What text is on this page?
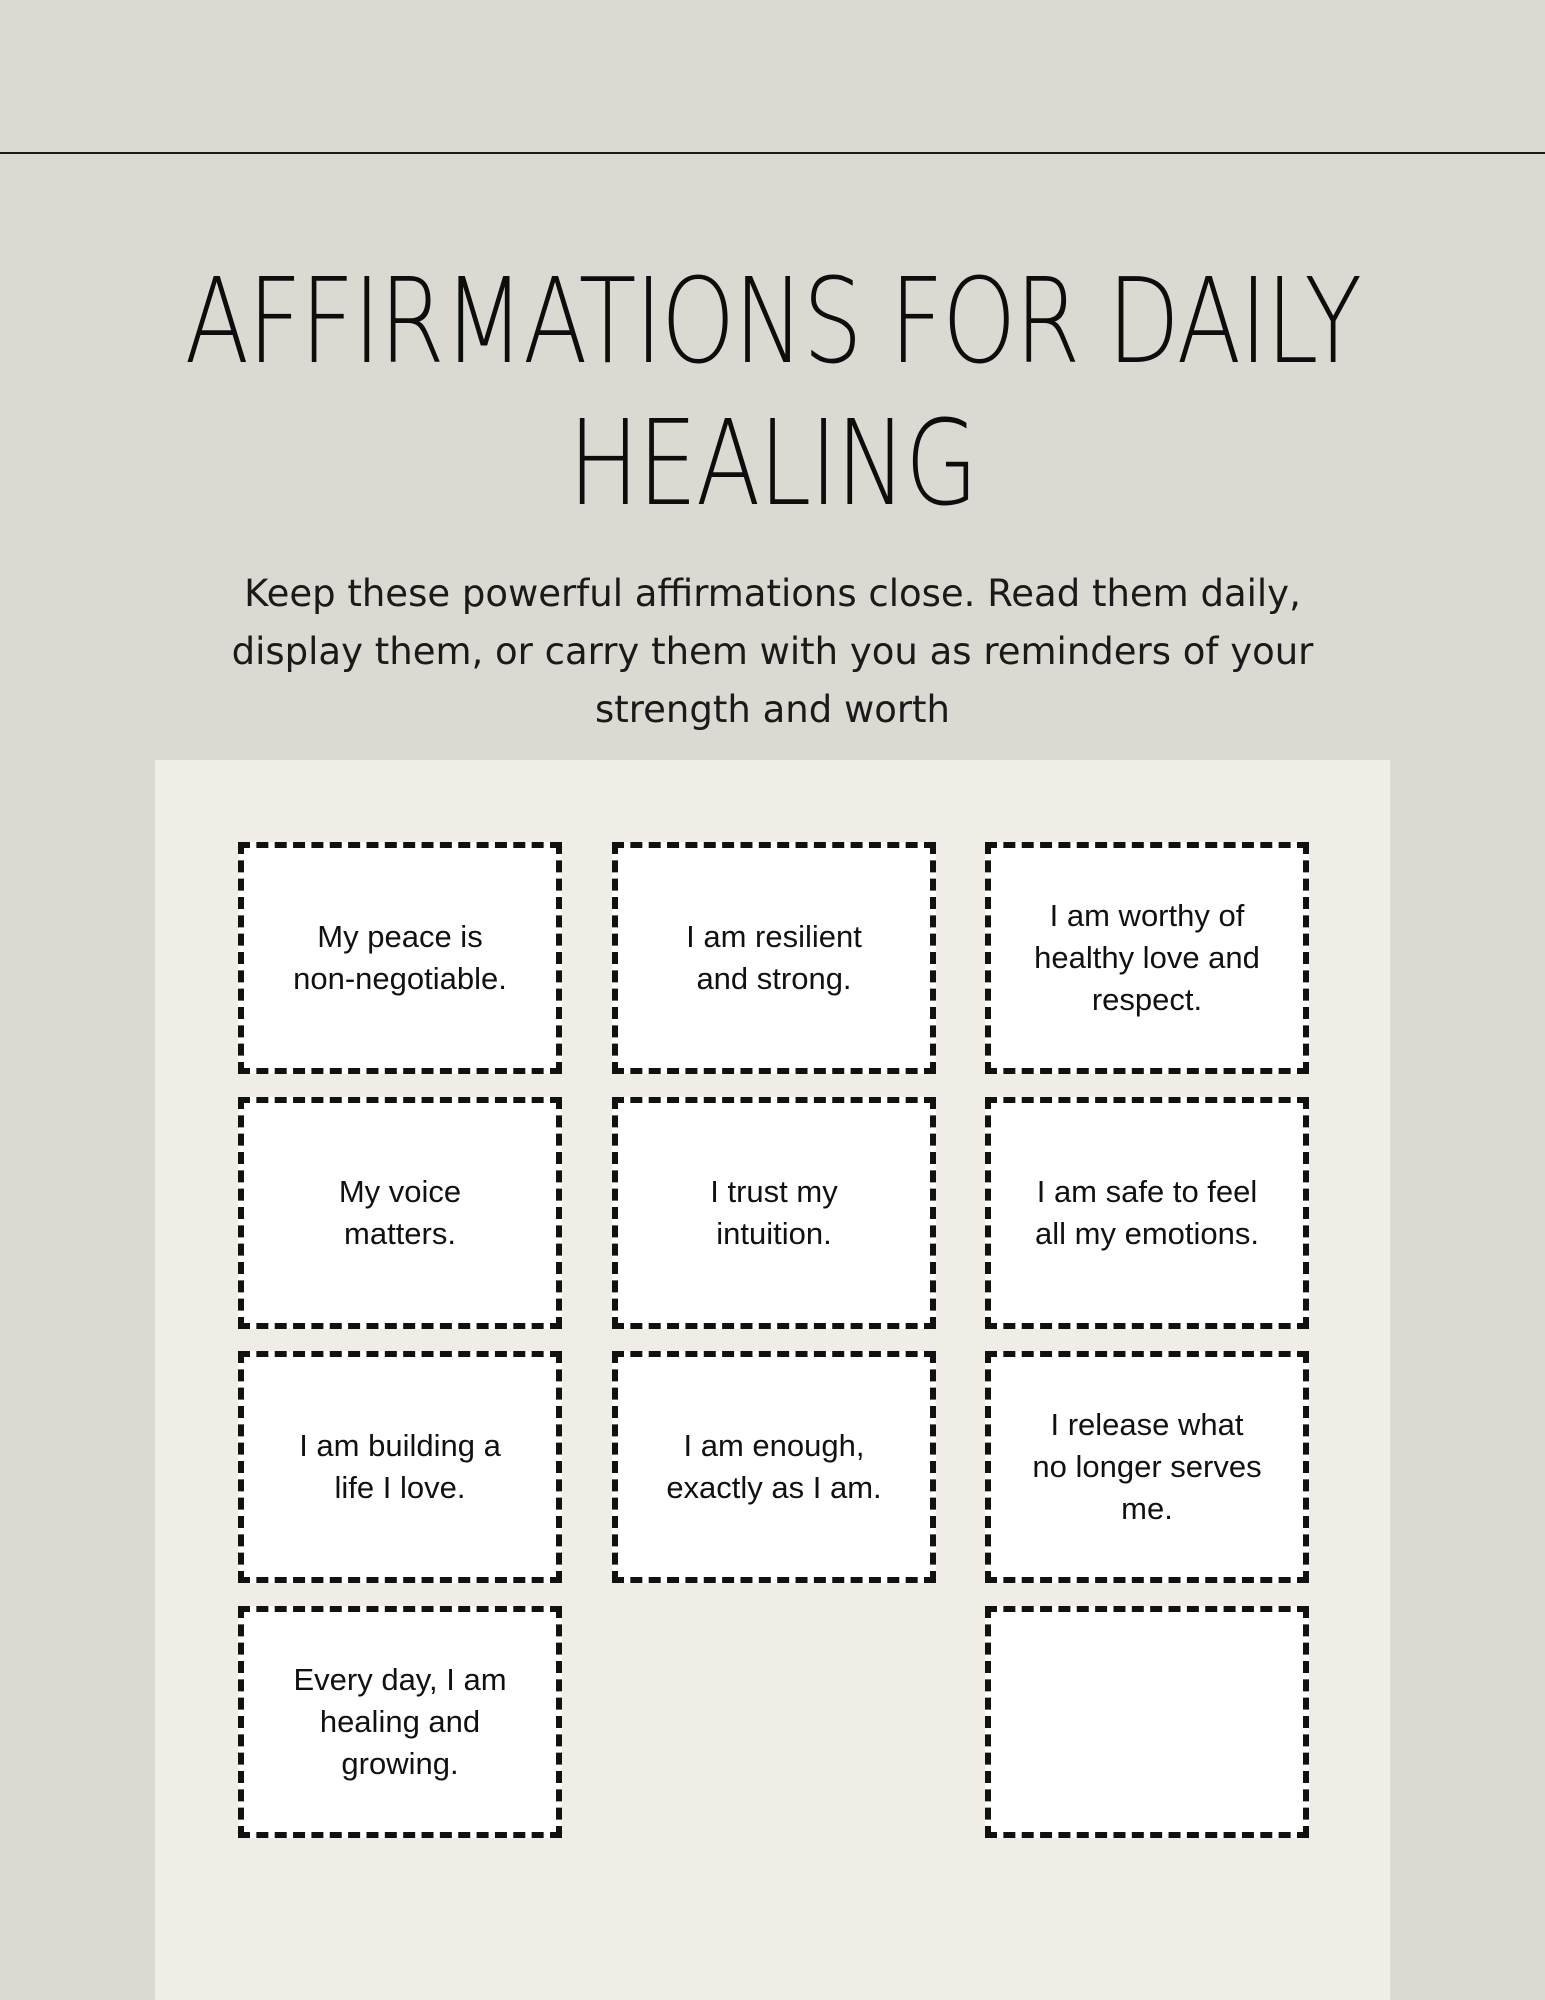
AFFIRMATIONS FOR DAILY
HEALING

Keep these powerful affirmations close. Read them daily, display them, or carry them with you as reminders of your strength and worth

My peace is
non-negotiable.
I am resilient
and strong.
I am worthy of
healthy love and
respect.
My voice
matters.
I trust my
intuition.
I am safe to feel
all my emotions.
I am building a
life I love.
I am enough,
exactly as I am.
I release what
no longer serves
me.
Every day, I am
healing and
growing.
